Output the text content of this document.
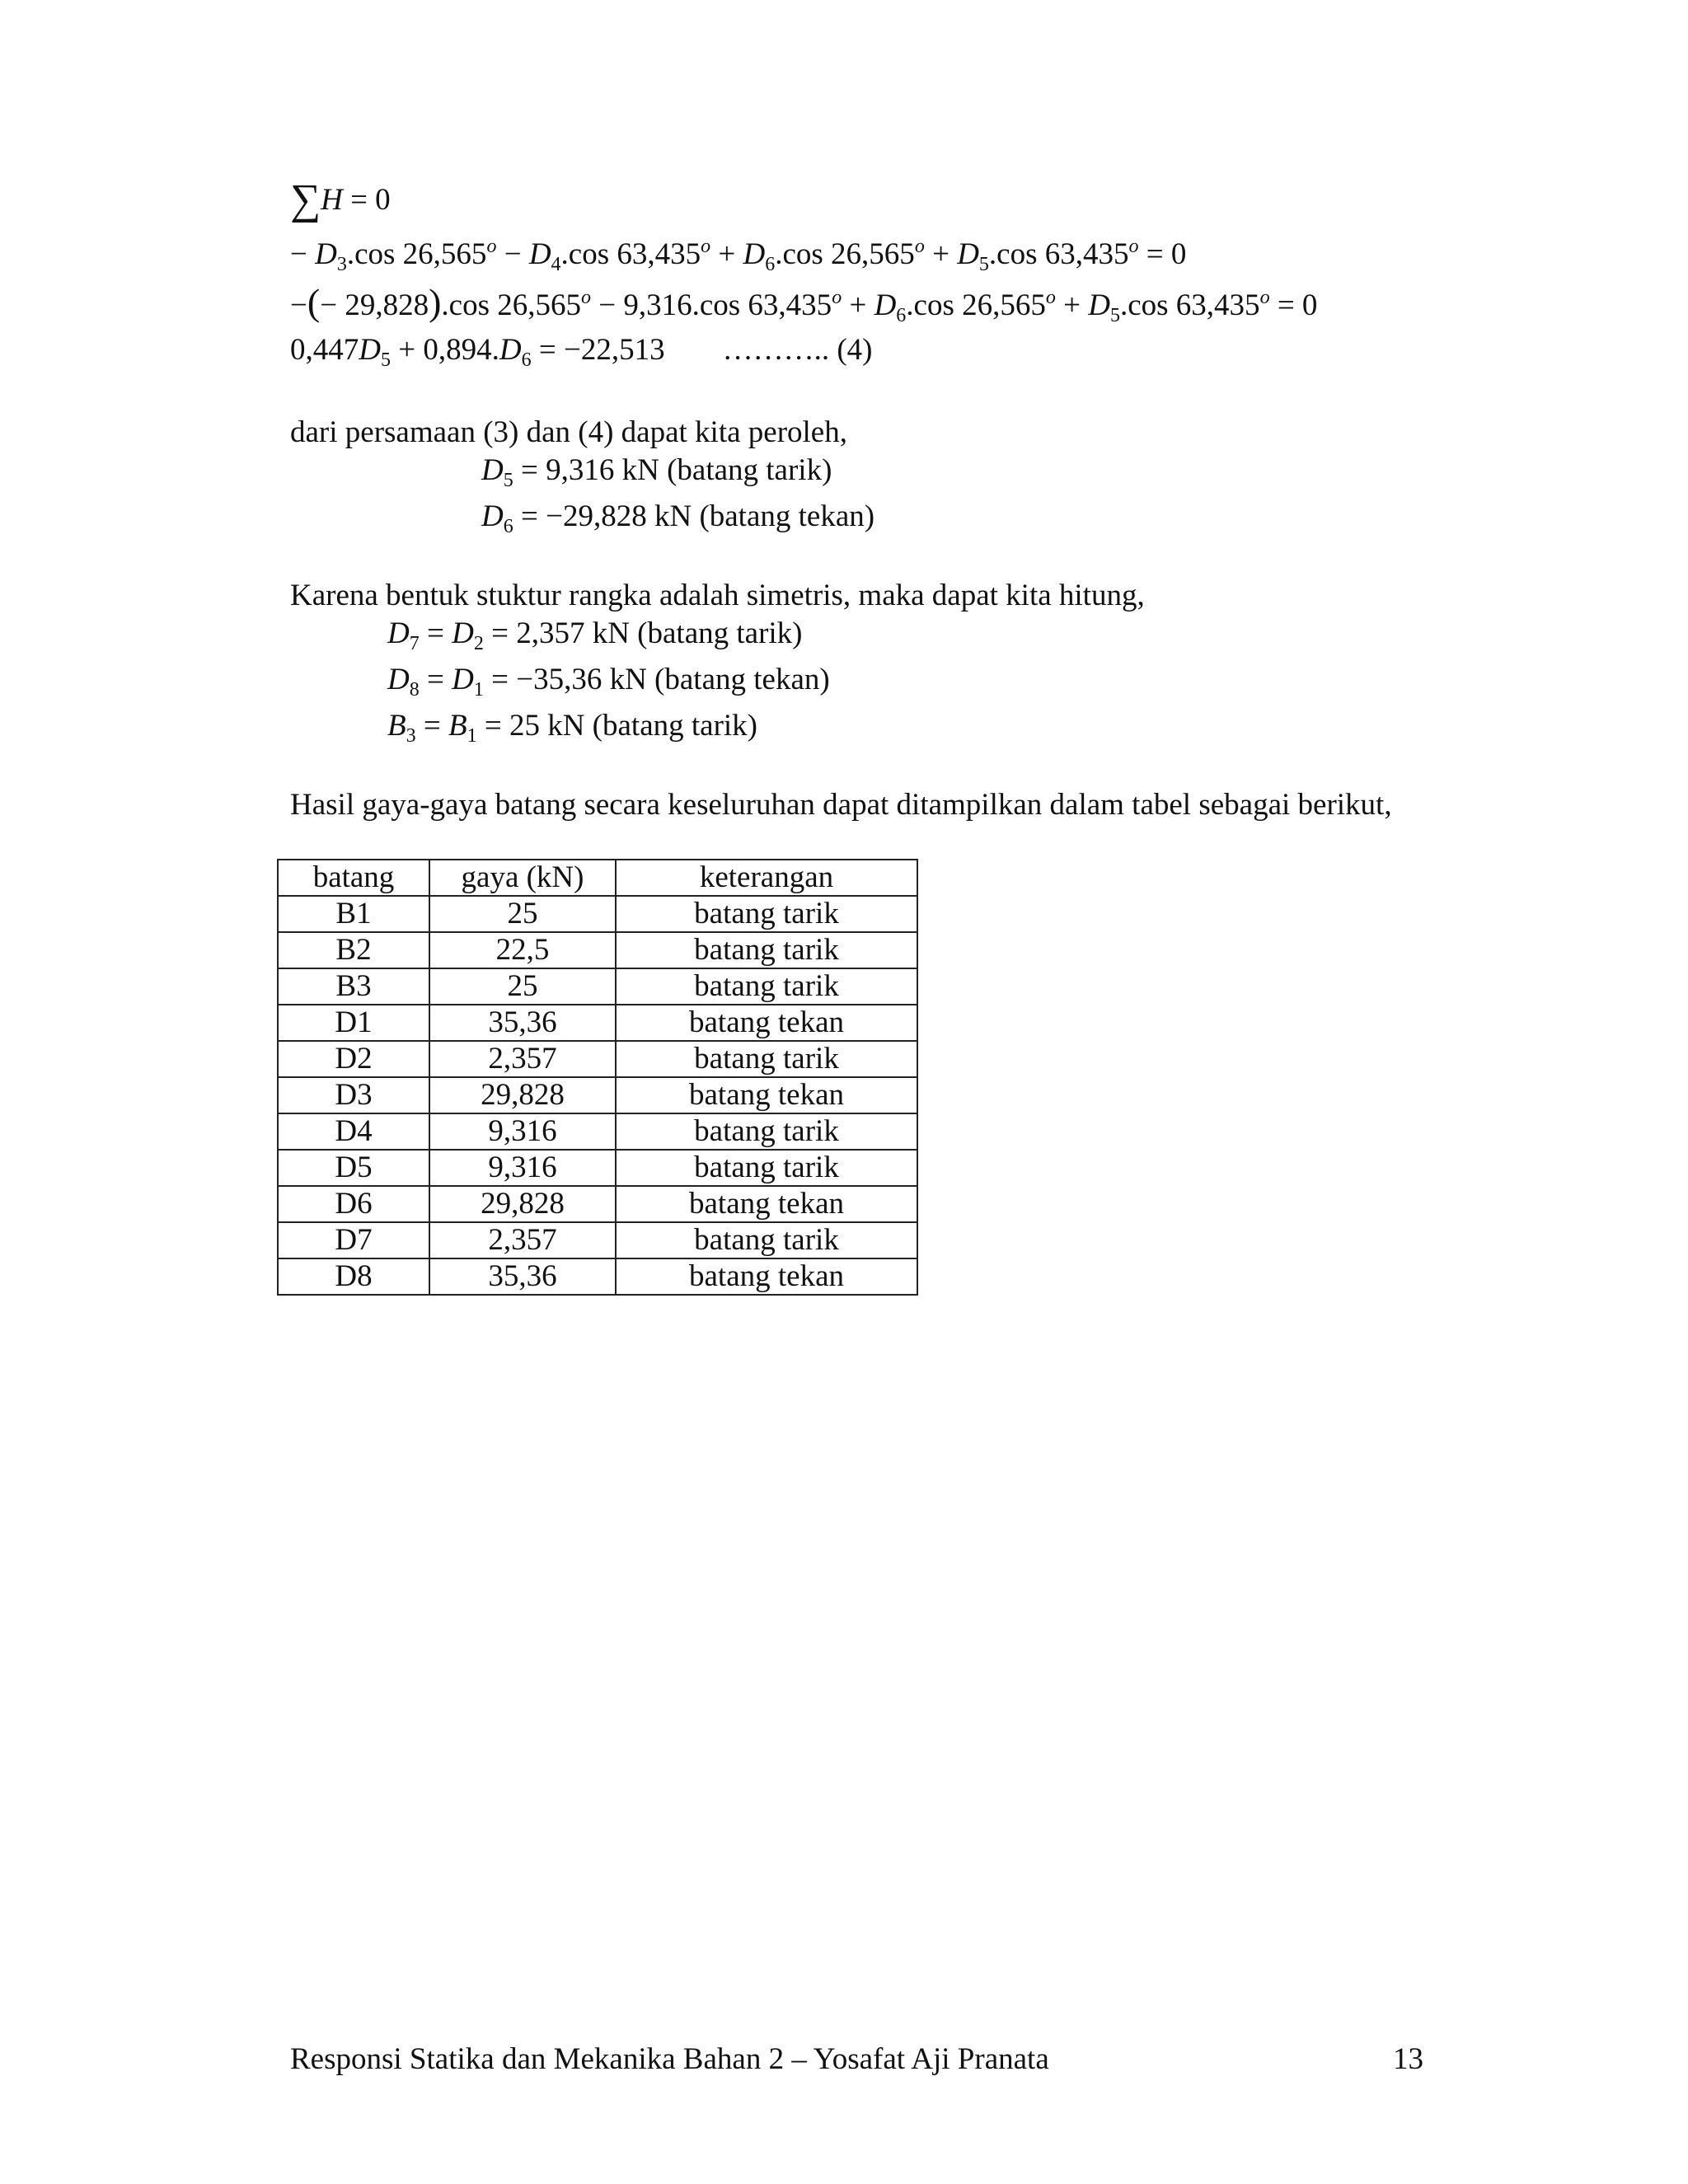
∑H = 0
− $D_3.\cos$ $26,565^o - D_4.\cos$ $63,435^o + D_6.\cos$ $26,565^o + D_5.\cos$ $63,435^o = 0$
−(− 29,828).cos $26,565^o - 9,316.\cos$ $63,435^o + D_6.\cos$ $26,565^o + D_5.\cos$ $63,435^o = 0$
$0,447D_5 + 0,894.D_6 = -22,513$ ……….. (4)
dari persamaan (3) dan (4) dapat kita peroleh,
$D_5 = 9,316$ kN (batang tarik)
$D_6 = -29,828$ kN (batang tekan)
Karena bentuk stuktur rangka adalah simetris, maka dapat kita hitung,
$D_7 = D_2 = 2,357$ kN (batang tarik)
$D_8 = D_1 = -35,36$ kN (batang tekan)
$B_3 = B_1 = 25$ kN (batang tarik)
Hasil gaya-gaya batang secara keseluruhan dapat ditampilkan dalam tabel sebagai berikut,
batang	gaya (kN)	keterangan
B1	25	batang tarik
B2	22,5	batang tarik
B3	25	batang tarik
D1	35,36	batang tekan
D2	2,357	batang tarik
D3	29,828	batang tekan
D4	9,316	batang tarik
D5	9,316	batang tarik
D6	29,828	batang tekan
D7	2,357	batang tarik
D8	35,36	batang tekan
Responsi Statika dan Mekanika Bahan 2 – Yosafat Aji Pranata	13
